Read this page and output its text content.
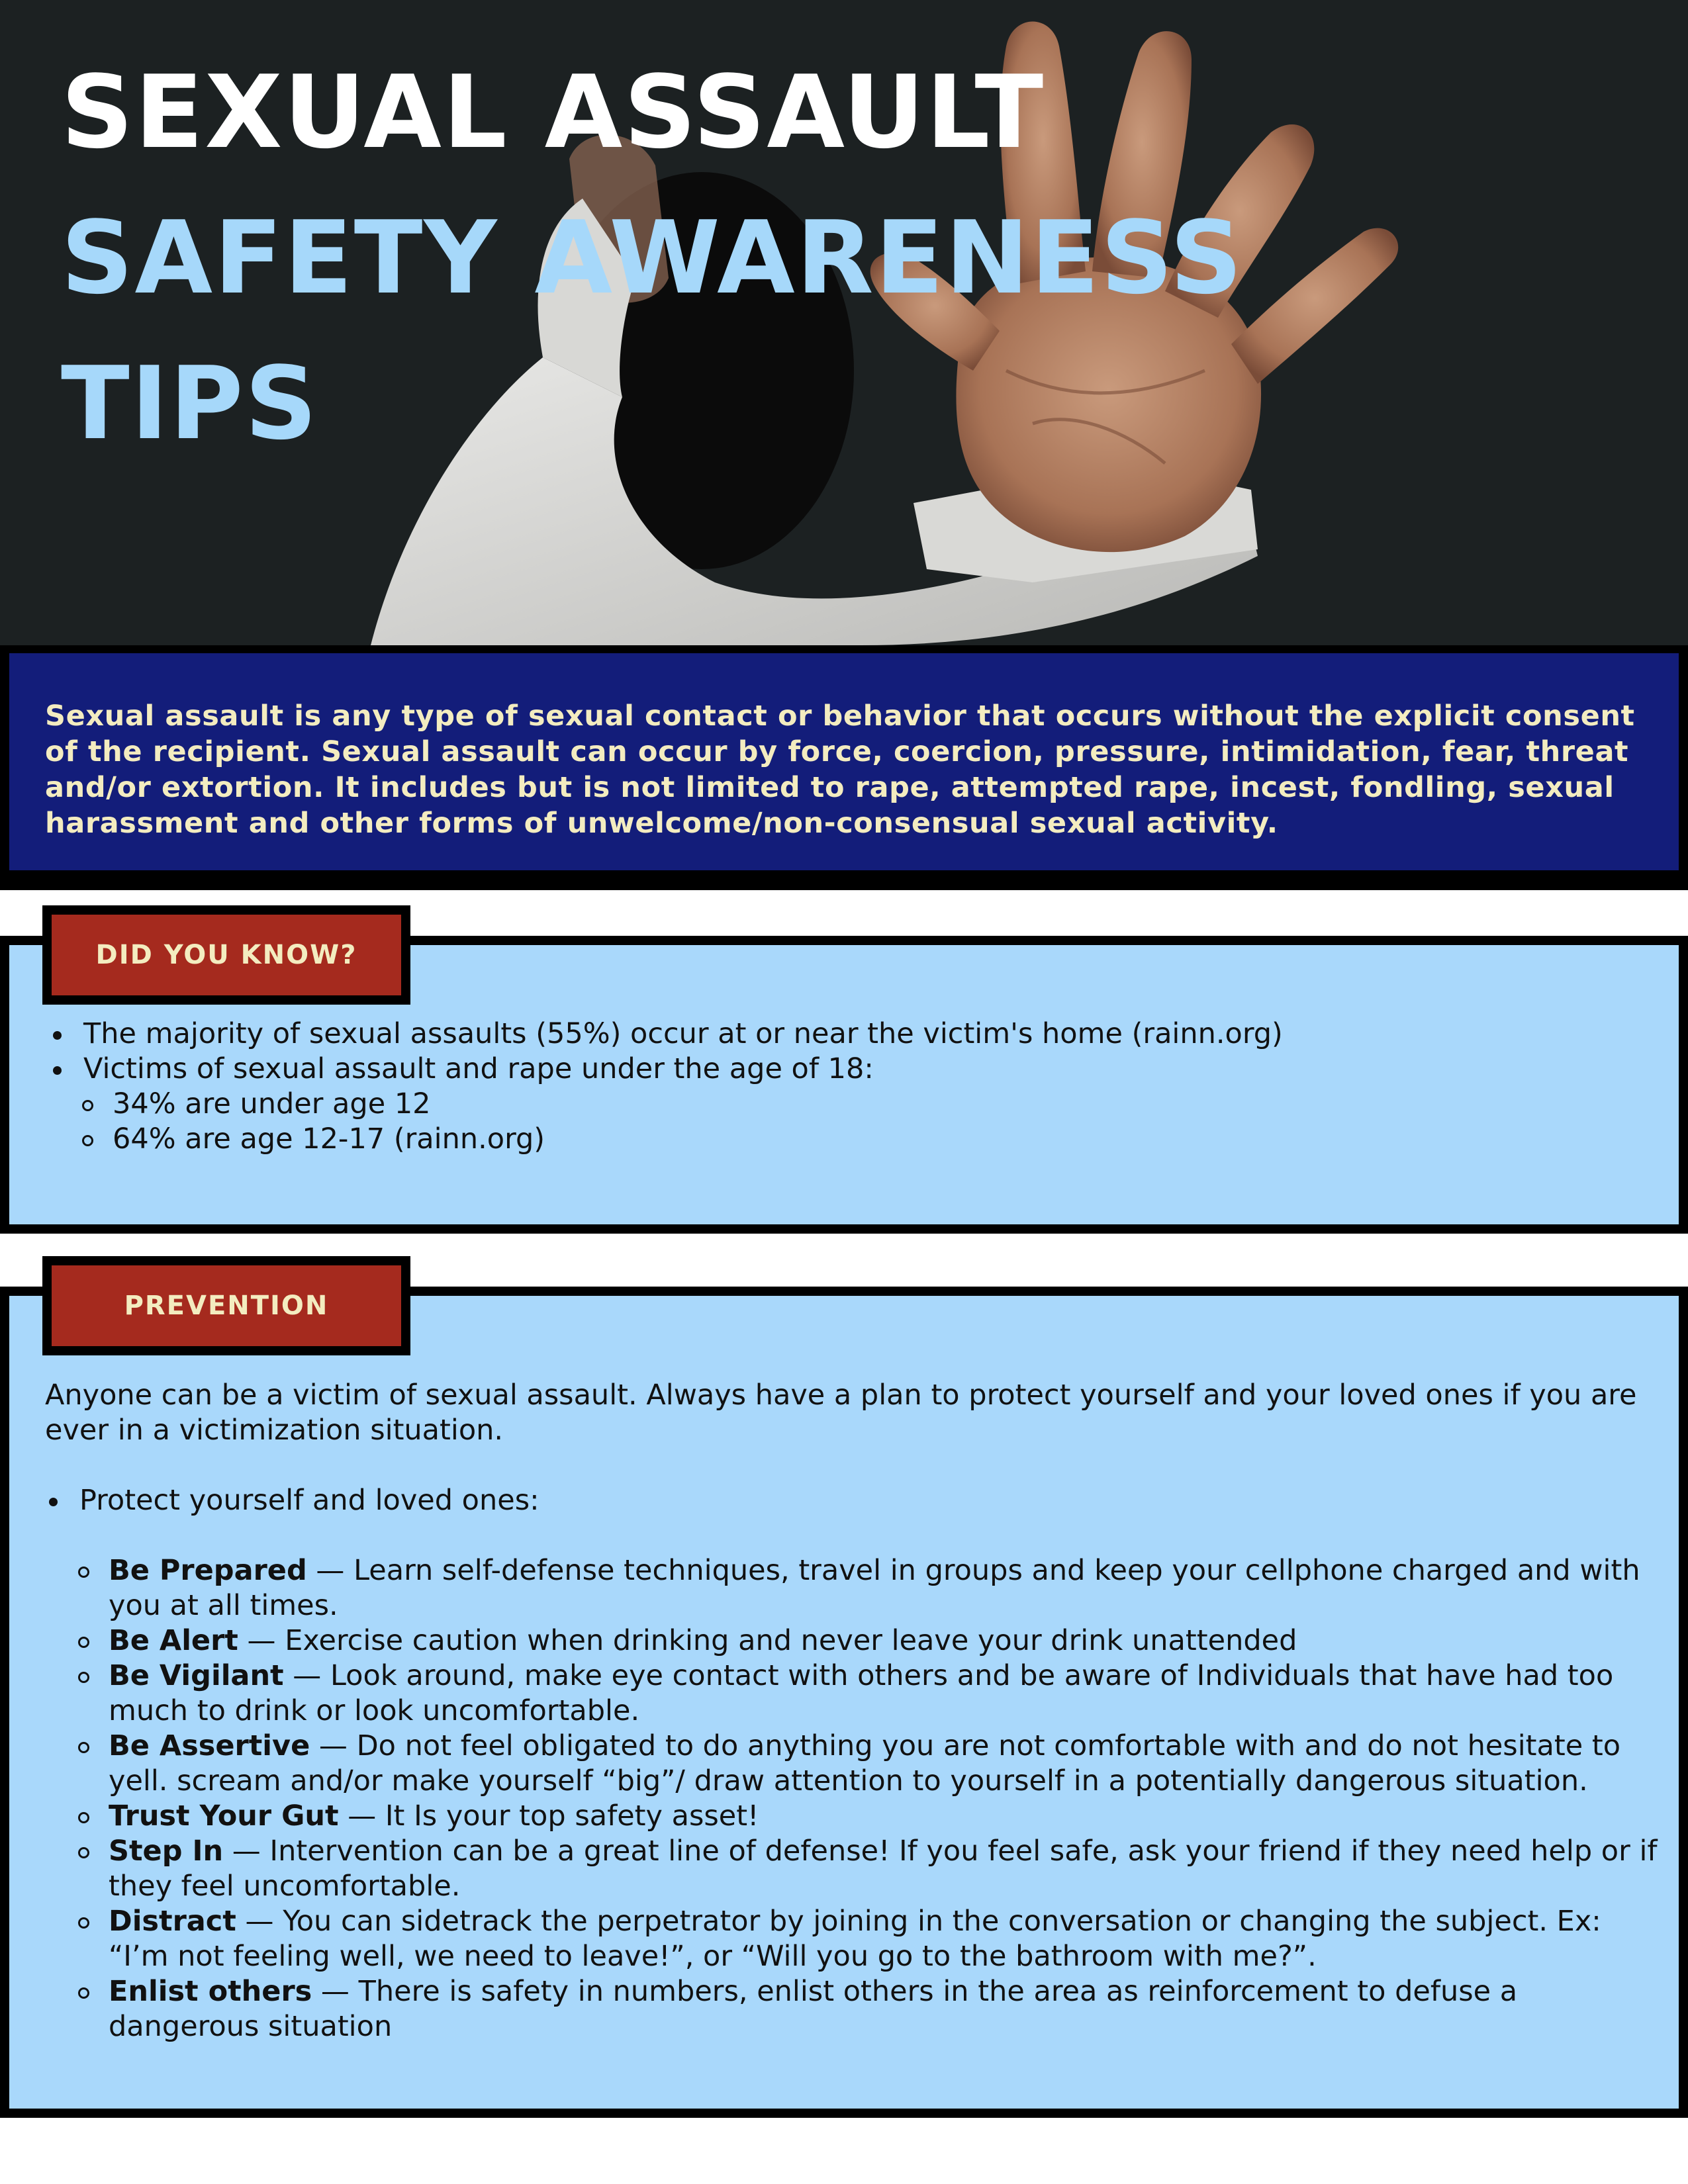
SEXUAL ASSAULT
SAFETY AWARENESS
TIPS
Sexual assault is any type of sexual contact or behavior that occurs without the explicit consent of the recipient. Sexual assault can occur by force, coercion, pressure, intimidation, fear, threat and/or extortion. It includes but is not limited to rape, attempted rape, incest, fondling, sexual harassment and other forms of unwelcome/non-consensual sexual activity.
The majority of sexual assaults (55%) occur at or near the victim's home (rainn.org)
Victims of sexual assault and rape under the age of 18:
34% are under age 12
64% are age 12-17 (rainn.org)
DID YOU KNOW?
Anyone can be a victim of sexual assault. Always have a plan to protect yourself and your loved ones if you are ever in a victimization situation.
Protect yourself and loved ones:
Be Prepared — Learn self-defense techniques, travel in groups and keep your cellphone charged and with you at all times.
Be Alert — Exercise caution when drinking and never leave your drink unattended
Be Vigilant — Look around, make eye contact with others and be aware of Individuals that have had too much to drink or look uncomfortable.
Be Assertive — Do not feel obligated to do anything you are not comfortable with and do not hesitate to yell. scream and/or make yourself “big”/ draw attention to yourself in a potentially dangerous situation.
Trust Your Gut — It Is your top safety asset!
Step In — Intervention can be a great line of defense! If you feel safe, ask your friend if they need help or if they feel uncomfortable.
Distract — You can sidetrack the perpetrator by joining in the conversation or changing the subject. Ex: “I’m not feeling well, we need to leave!”, or “Will you go to the bathroom with me?”.
Enlist others — There is safety in numbers, enlist others in the area as reinforcement to defuse a dangerous situation
PREVENTION
